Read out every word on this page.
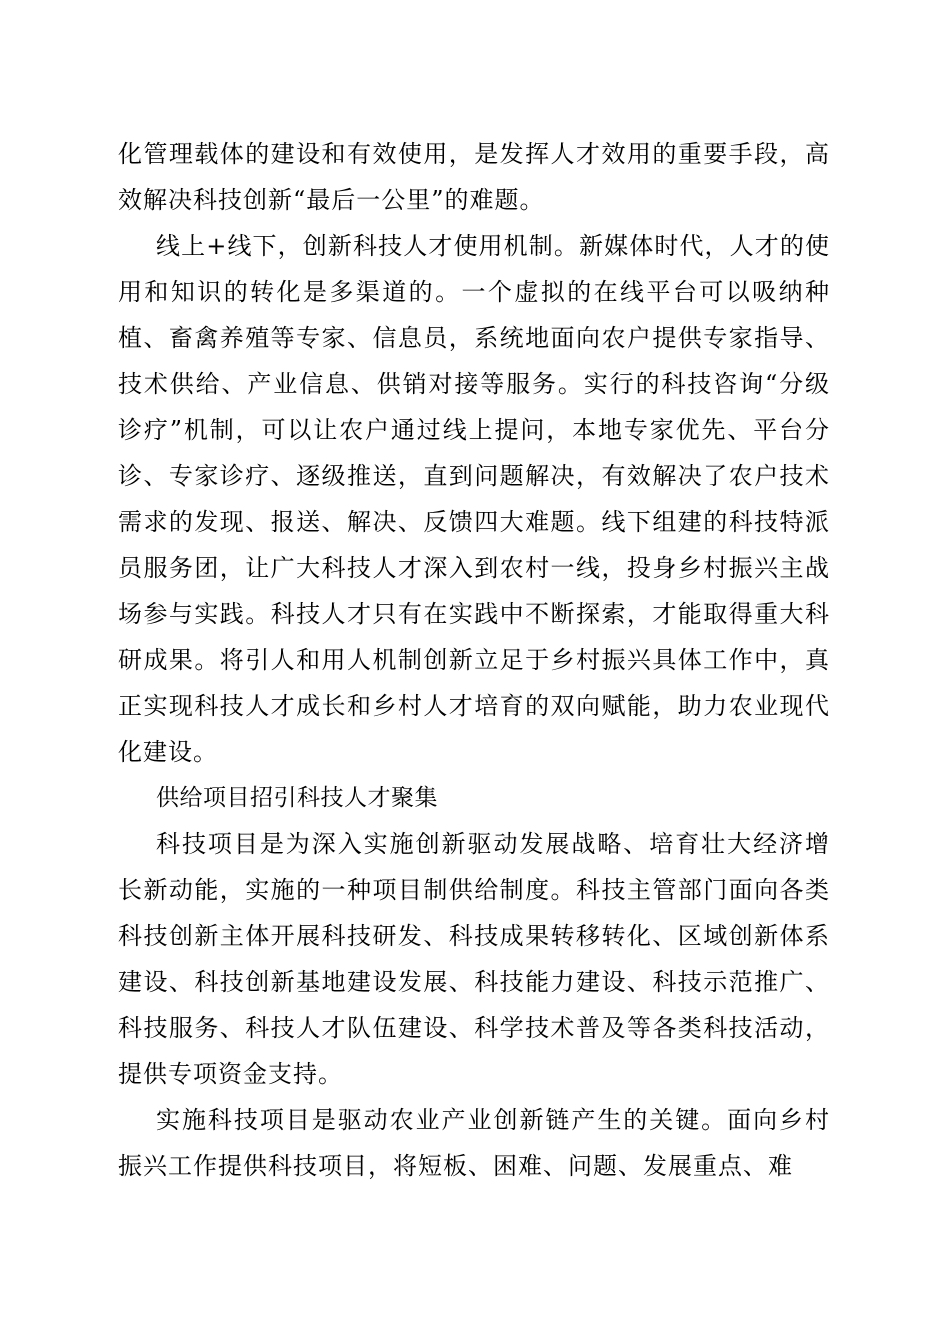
化管理载体的建设和有效使用，是发挥人才效用的重要手段，高效解决科技创新“最后一公里”的难题。

线上+线下，创新科技人才使用机制。新媒体时代，人才的使用和知识的转化是多渠道的。一个虚拟的在线平台可以吸纳种植、畜禽养殖等专家、信息员，系统地面向农户提供专家指导、技术供给、产业信息、供销对接等服务。实行的科技咨询“分级诊疗”机制，可以让农户通过线上提问，本地专家优先、平台分诊、专家诊疗、逐级推送，直到问题解决，有效解决了农户技术需求的发现、报送、解决、反馈四大难题。线下组建的科技特派员服务团，让广大科技人才深入到农村一线，投身乡村振兴主战场参与实践。科技人才只有在实践中不断探索，才能取得重大科研成果。将引人和用人机制创新立足于乡村振兴具体工作中，真正实现科技人才成长和乡村人才培育的双向赋能，助力农业现代化建设。

供给项目招引科技人才聚集

科技项目是为深入实施创新驱动发展战略、培育壮大经济增长新动能，实施的一种项目制供给制度。科技主管部门面向各类科技创新主体开展科技研发、科技成果转移转化、区域创新体系建设、科技创新基地建设发展、科技能力建设、科技示范推广、科技服务、科技人才队伍建设、科学技术普及等各类科技活动，提供专项资金支持。

实施科技项目是驱动农业产业创新链产生的关键。面向乡村振兴工作提供科技项目，将短板、困难、问题、发展重点、难
